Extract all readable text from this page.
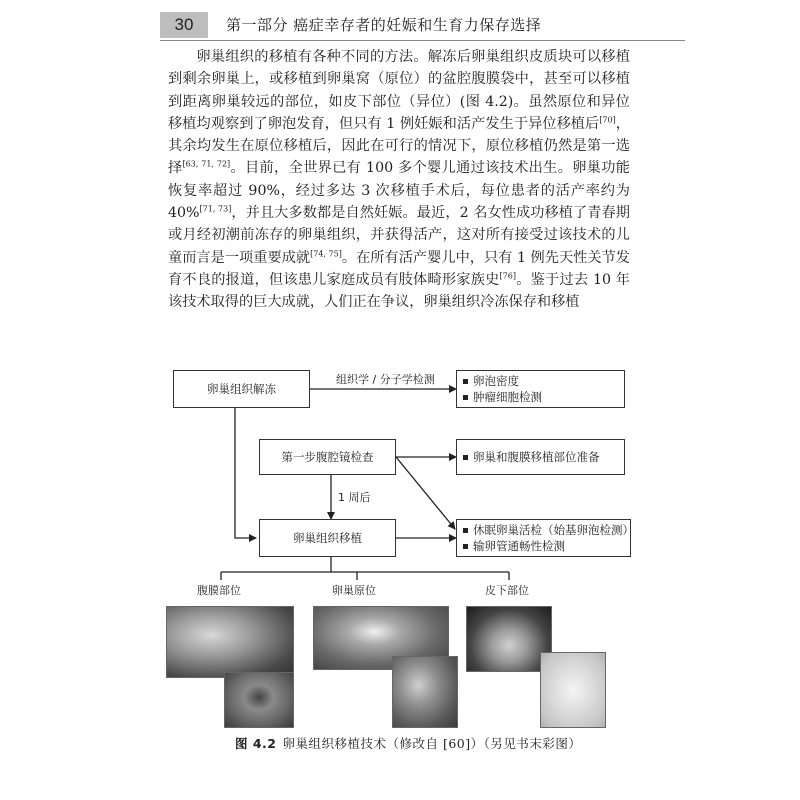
30	第一部分 癌症幸存者的妊娠和生育力保存选择

卵巢组织的移植有各种不同的方法。解冻后卵巢组织皮质块可以移植到剩余卵巢上，或移植到卵巢窝（原位）的盆腔腹膜袋中，甚至可以移植到距离卵巢较远的部位，如皮下部位（异位）(图 4.2)。虽然原位和异位移植均观察到了卵泡发育，但只有 1 例妊娠和活产发生于异位移植后[70]，其余均发生在原位移植后，因此在可行的情况下，原位移植仍然是第一选择[63, 71, 72]。目前，全世界已有 100 多个婴儿通过该技术出生。卵巢功能恢复率超过 90%，经过多达 3 次移植手术后，每位患者的活产率约为 40%[71, 73]，并且大多数都是自然妊娠。最近，2 名女性成功移植了青春期或月经初潮前冻存的卵巢组织，并获得活产，这对所有接受过该技术的儿童而言是一项重要成就[74, 75]。在所有活产婴儿中，只有 1 例先天性关节发育不良的报道，但该患儿家庭成员有肢体畸形家族史[76]。鉴于过去 10 年该技术取得的巨大成就，人们正在争议，卵巢组织冷冻保存和移植

卵巢组织解冻
组织学 / 分子学检测	卵泡密度
肿瘤细胞检测
第一步腹腔镜检查	卵巢和腹膜移植部位准备
1 周后
卵巢组织移植
休眠卵巢活检（始基卵泡检测）
输卵管通畅性检测
腹膜部位	卵巢原位	皮下部位
图 4.2 卵巢组织移植技术（修改自 [60]）（另见书末彩图）
